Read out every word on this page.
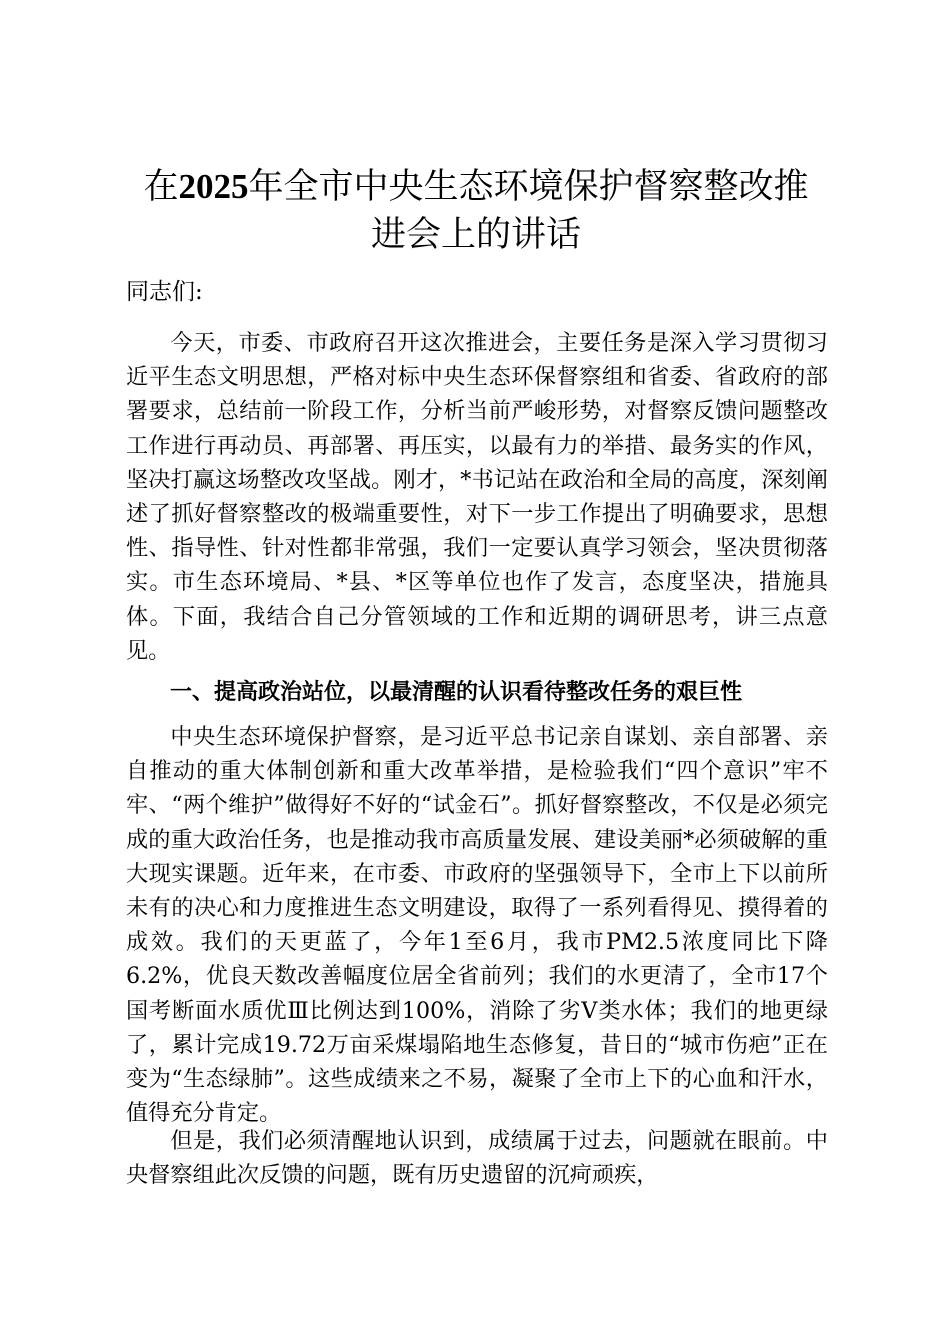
在2025年全市中央生态环境保护督察整改推进会上的讲话

同志们:

今天，市委、市政府召开这次推进会，主要任务是深入学习贯彻习近平生态文明思想，严格对标中央生态环保督察组和省委、省政府的部署要求，总结前一阶段工作，分析当前严峻形势，对督察反馈问题整改工作进行再动员、再部署、再压实，以最有力的举措、最务实的作风，坚决打赢这场整改攻坚战。刚才，*书记站在政治和全局的高度，深刻阐述了抓好督察整改的极端重要性，对下一步工作提出了明确要求，思想性、指导性、针对性都非常强，我们一定要认真学习领会，坚决贯彻落实。市生态环境局、*县、*区等单位也作了发言，态度坚决，措施具体。下面，我结合自己分管领域的工作和近期的调研思考，讲三点意见。

一、提高政治站位，以最清醒的认识看待整改任务的艰巨性

中央生态环境保护督察，是习近平总书记亲自谋划、亲自部署、亲自推动的重大体制创新和重大改革举措，是检验我们“四个意识”牢不牢、“两个维护”做得好不好的“试金石”。抓好督察整改，不仅是必须完成的重大政治任务，也是推动我市高质量发展、建设美丽*必须破解的重大现实课题。近年来，在市委、市政府的坚强领导下，全市上下以前所未有的决心和力度推进生态文明建设，取得了一系列看得见、摸得着的成效。我们的天更蓝了，今年1至6月，我市PM2.5浓度同比下降6.2%，优良天数改善幅度位居全省前列；我们的水更清了，全市17个国考断面水质优Ⅲ比例达到100%，消除了劣Ⅴ类水体；我们的地更绿了，累计完成19.72万亩采煤塌陷地生态修复，昔日的“城市伤疤”正在变为“生态绿肺”。这些成绩来之不易，凝聚了全市上下的心血和汗水，值得充分肯定。

但是，我们必须清醒地认识到，成绩属于过去，问题就在眼前。中央督察组此次反馈的问题，既有历史遗留的沉疴顽疾，
